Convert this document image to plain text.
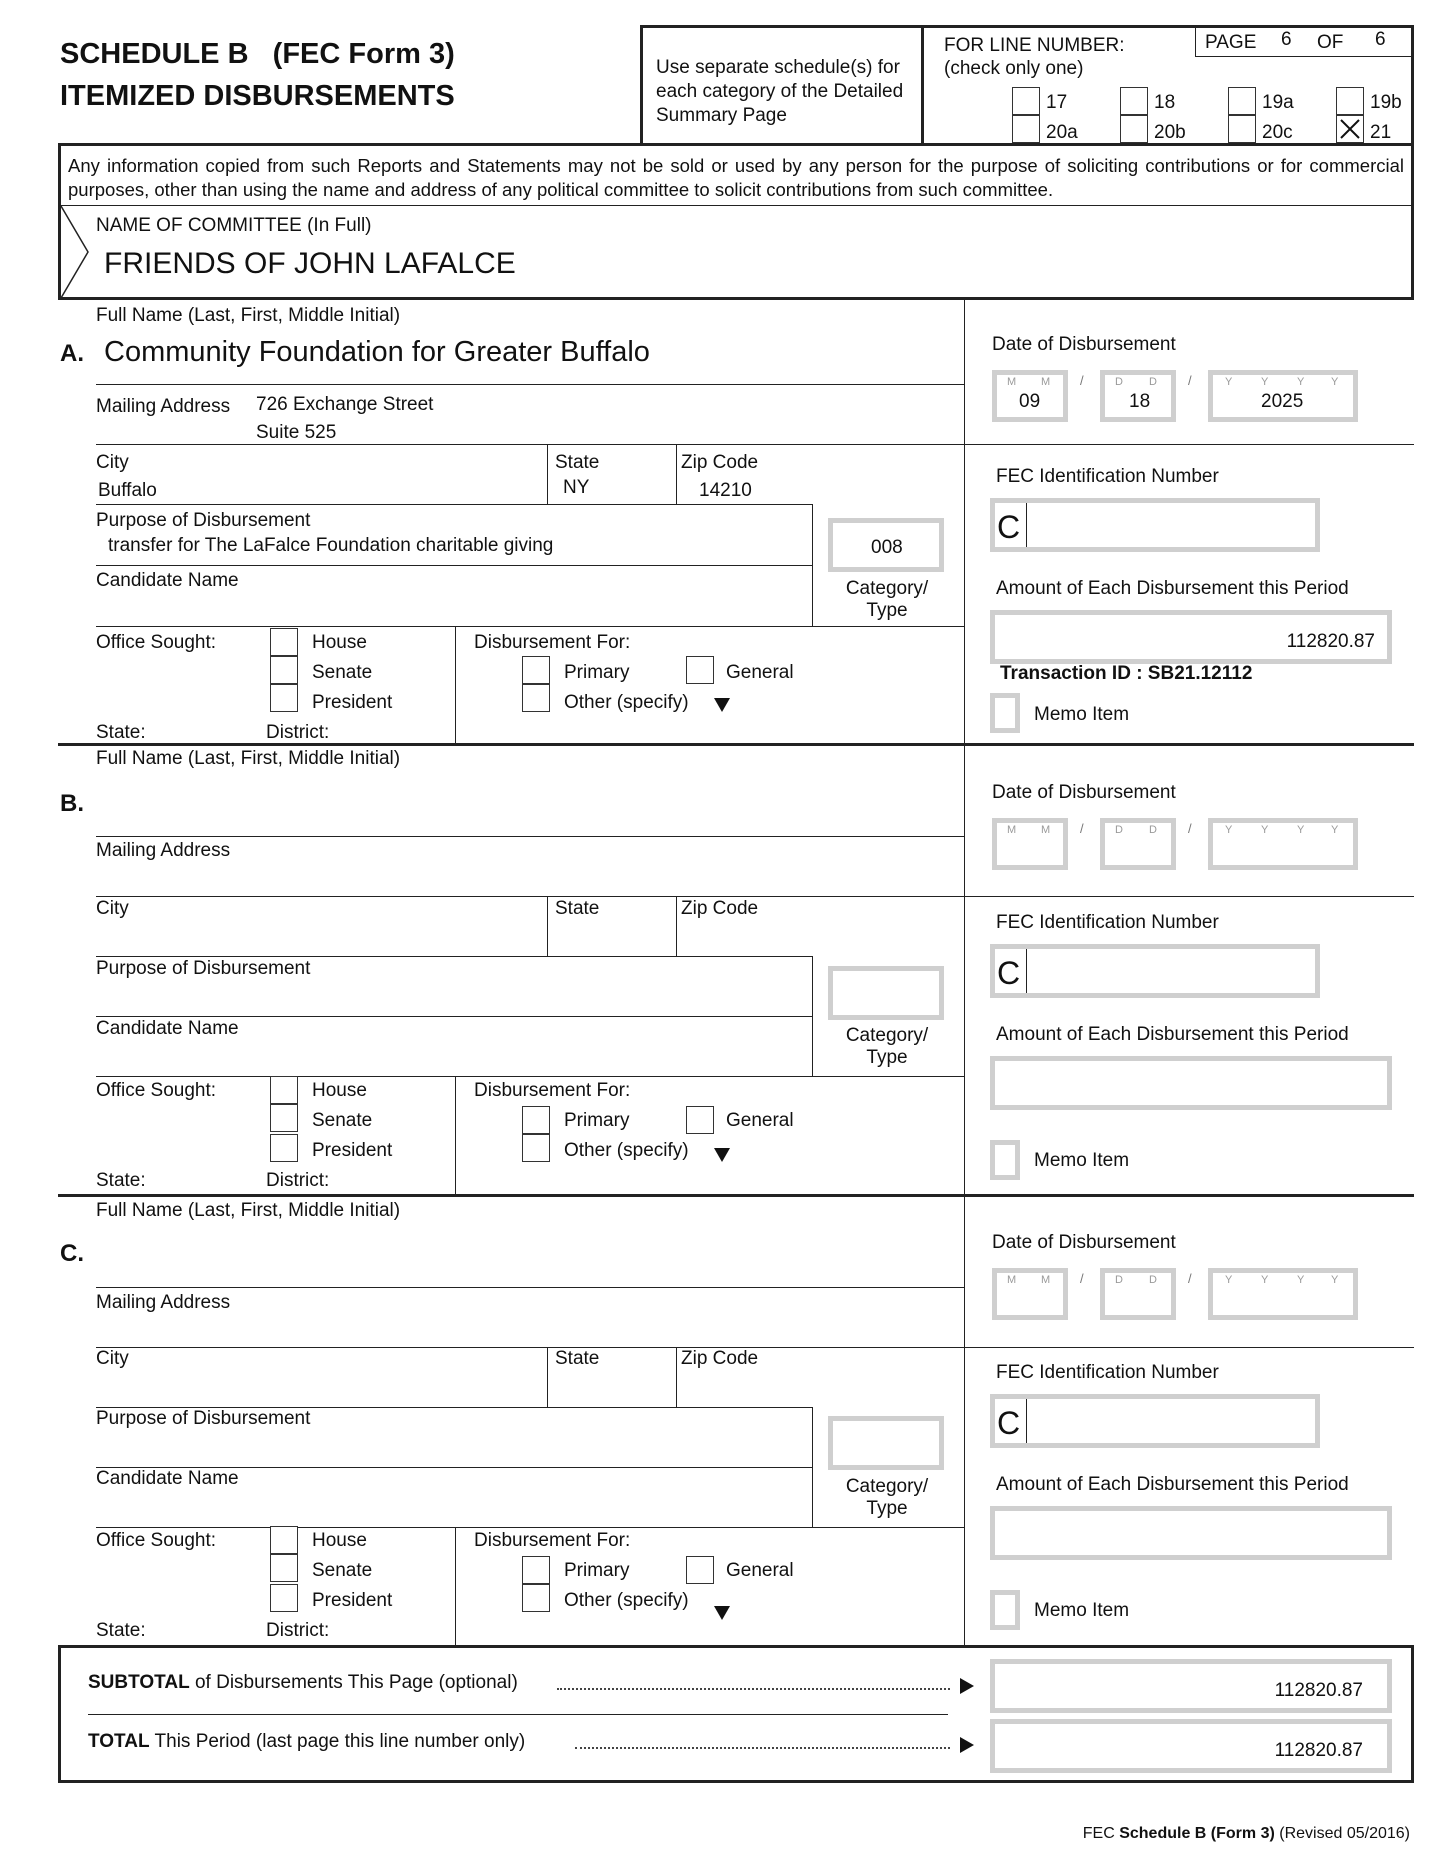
SCHEDULE B   (FEC Form 3)
ITEMIZED DISBURSEMENTS
Use separate schedule(s) for each category of the Detailed Summary Page
FOR LINE NUMBER:
(check only one)
PAGE 6 OF 6
17	18	19a	19b
20a	20b	20c	21
Any information copied from such Reports and Statements may not be sold or used by any person for the purpose of soliciting contributions or for commercial purposes, other than using the name and address of any political committee to solicit contributions from such committee.
NAME OF COMMITTEE (In Full)
FRIENDS OF JOHN LAFALCE
Full Name (Last, First, Middle Initial)
A. Community Foundation for Greater Buffalo
Mailing Address 726 Exchange Street
Suite 525
City
Buffalo
State
NY
Zip Code
14210
Purpose of Disbursement
transfer for The LaFalce Foundation charitable giving
Candidate Name
008
Category/ Type
Office Sought:	House
Senate
President
State:	District:
Disbursement For:
Primary	General
Other (specify)
Date of Disbursement
M M
09
/	D D
18
/	Y	Y	Y Y
2025
FEC Identification Number
C
Amount of Each Disbursement this Period
112820.87
Transaction ID : SB21.12112
Memo Item
Full Name (Last, First, Middle Initial)
B.
Mailing Address
City	State	Zip Code
Purpose of Disbursement
Candidate Name	Category/ Type
Office Sought:	House
Senate
President
State:	District:
Disbursement For:
Primary	General
Other (specify)
Date of Disbursement
M M /	D D /	Y	Y	Y Y
FEC Identification Number
C
Amount of Each Disbursement this Period
Memo Item
Full Name (Last, First, Middle Initial)
C.
Mailing Address
City	State	Zip Code
Purpose of Disbursement
Candidate Name	Category/ Type
Office Sought:	House
Senate
President
State:	District:
Disbursement For:
Primary	General
Other (specify)
Date of Disbursement
M M /	D D /	Y	Y	Y Y
FEC Identification Number
C
Amount of Each Disbursement this Period
Memo Item
SUBTOTAL of Disbursements This Page (optional)	112820.87
TOTAL This Period (last page this line number only)	112820.87
FEC Schedule B (Form 3) (Revised 05/2016)
